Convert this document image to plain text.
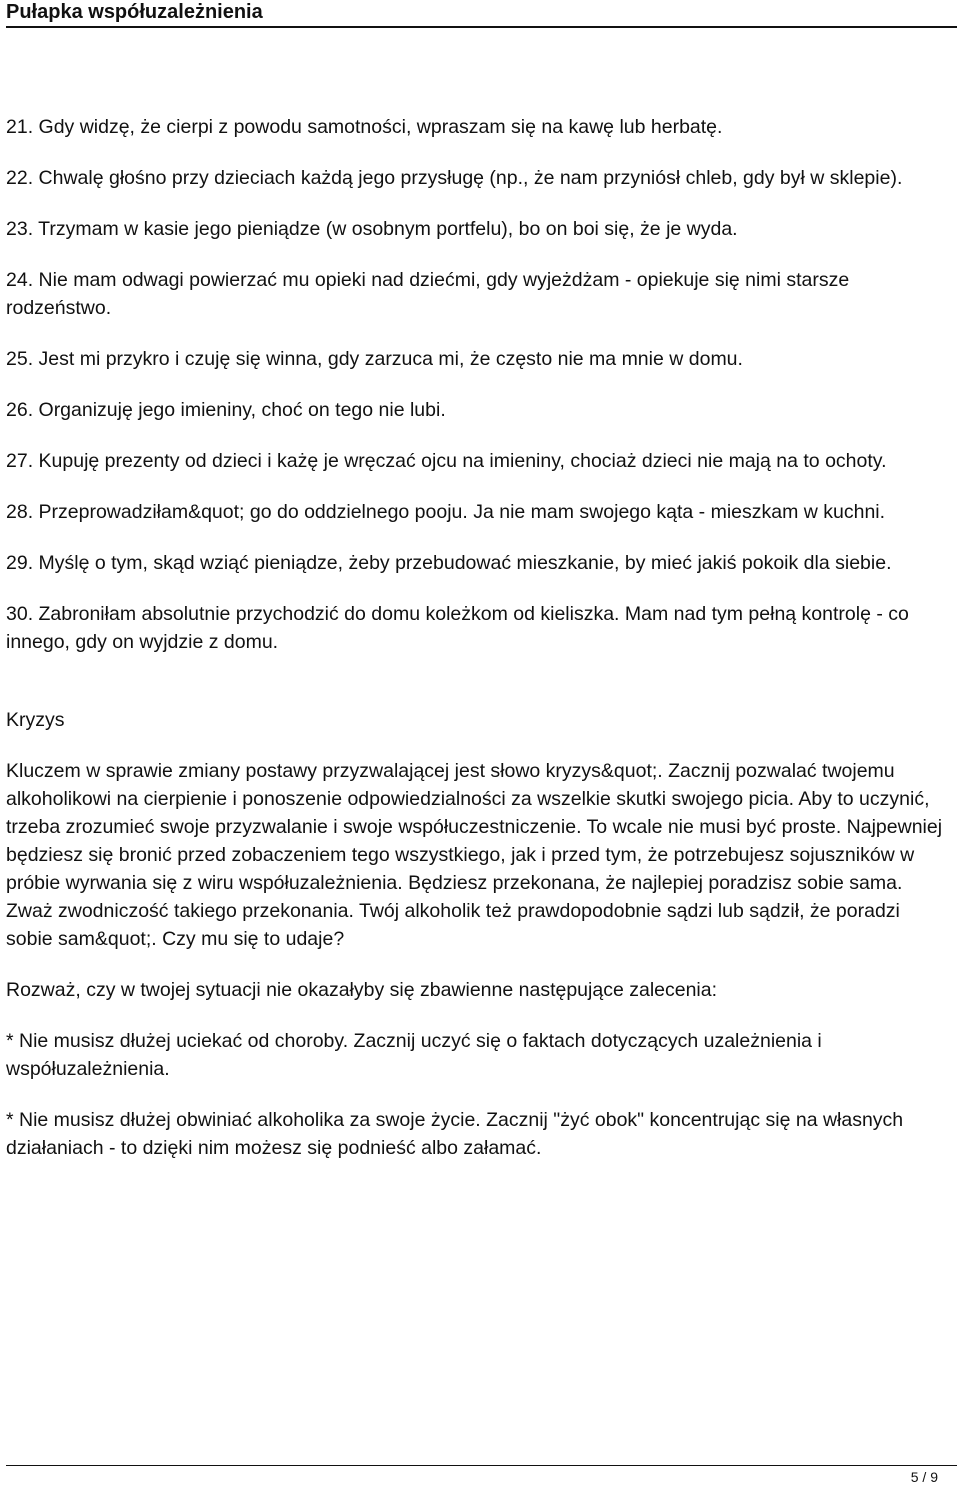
Pułapka współuzależnienia

21. Gdy widzę, że cierpi z powodu samotności, wpraszam się na kawę lub herbatę.

22. Chwalę głośno przy dzieciach każdą jego przysługę (np., że nam przyniósł chleb, gdy był w sklepie).

23. Trzymam w kasie jego pieniądze (w osobnym portfelu), bo on boi się, że je wyda.

24. Nie mam odwagi powierzać mu opieki nad dziećmi, gdy wyjeżdżam - opiekuje się nimi starsze rodzeństwo.

25. Jest mi przykro i czuję się winna, gdy zarzuca mi, że często nie ma mnie w domu.

26. Organizuję jego imieniny, choć on tego nie lubi.

27. Kupuję prezenty od dzieci i każę je wręczać ojcu na imieniny, chociaż dzieci nie mają na to ochoty.

28. Przeprowadziłam&quot; go do oddzielnego pooju. Ja nie mam swojego kąta - mieszkam w kuchni.

29. Myślę o tym, skąd wziąć pieniądze, żeby przebudować mieszkanie, by mieć jakiś pokoik dla siebie.

30. Zabroniłam absolutnie przychodzić do domu koleżkom od kieliszka. Mam nad tym pełną kontrolę - co innego, gdy on wyjdzie z domu.

Kryzys

Kluczem w sprawie zmiany postawy przyzwalającej jest słowo kryzys&quot;. Zacznij pozwalać twojemu alkoholikowi na cierpienie i ponoszenie odpowiedzialności za wszelkie skutki swojego picia. Aby to uczynić, trzeba zrozumieć swoje przyzwalanie i swoje współuczestniczenie. To wcale nie musi być proste. Najpewniej będziesz się bronić przed zobaczeniem tego wszystkiego, jak i przed tym, że potrzebujesz sojuszników w próbie wyrwania się z wiru współuzależnienia. Będziesz przekonana, że najlepiej poradzisz sobie sama. Zważ zwodniczość takiego przekonania. Twój alkoholik też prawdopodobnie sądzi lub sądził, że poradzi sobie sam&quot;. Czy mu się to udaje?

Rozważ, czy w twojej sytuacji nie okazałyby się zbawienne następujące zalecenia:

* Nie musisz dłużej uciekać od choroby. Zacznij uczyć się o faktach dotyczących uzależnienia i współuzależnienia.

* Nie musisz dłużej obwiniać alkoholika za swoje życie. Zacznij "żyć obok" koncentrując się na własnych działaniach - to dzięki nim możesz się podnieść albo załamać.

5 / 9
